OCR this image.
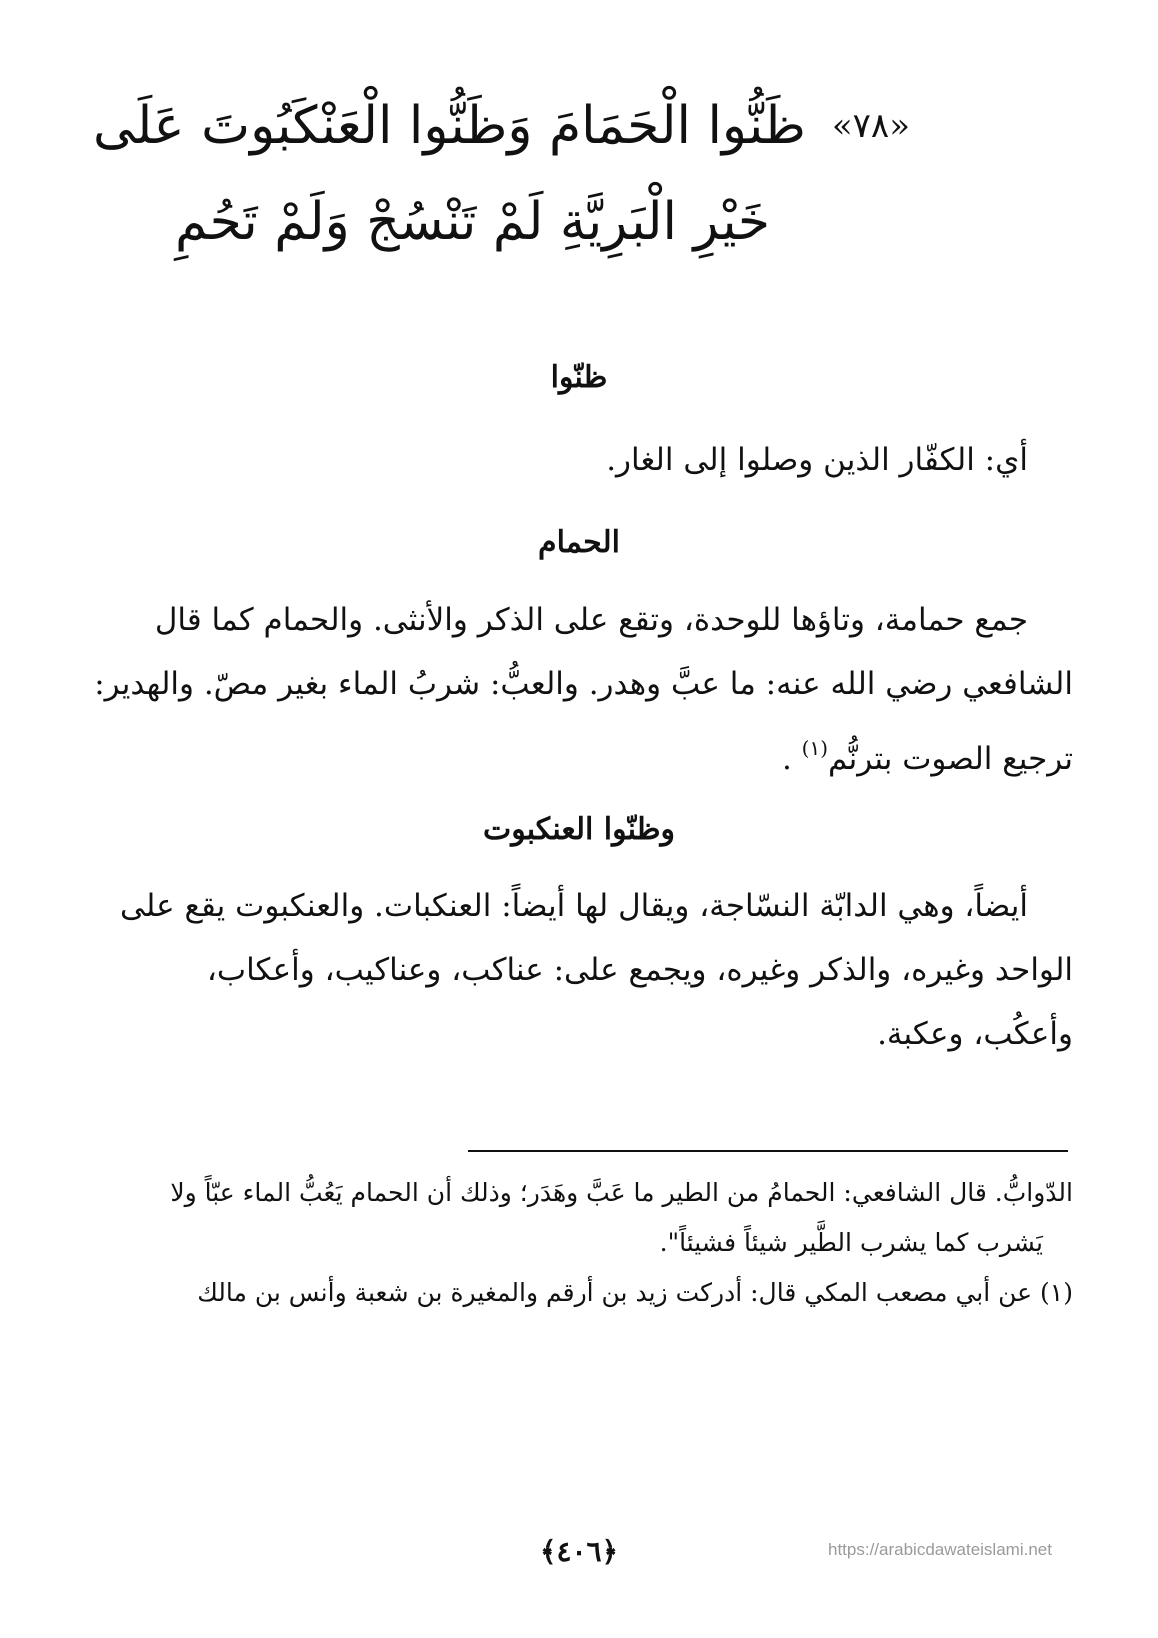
«٧٨»ظَنُّوا الْحَمَامَ وَظَنُّوا الْعَنْكَبُوتَ عَلَى
خَيْرِ الْبَرِيَّةِ لَمْ تَنْسُجْ وَلَمْ تَحُمِ
ظنّوا
أي: الكفّار الذين وصلوا إلى الغار.
الحمام
جمع حمامة، وتاؤها للوحدة، وتقع على الذكر والأنثى. والحمام كما قال
الشافعي رضي الله عنه: ما عبَّ وهدر. والعبُّ: شربُ الماء بغير مصّ. والهدير:
ترجيع الصوت بترنُّم$^{(١)}$ .
وظنّوا العنكبوت
أيضاً، وهي الدابّة النسّاجة، ويقال لها أيضاً: العنكبات. والعنكبوت يقع على
الواحد وغيره، والذكر وغيره، ويجمع على: عناكب، وعناكيب، وأعكاب،
وأعكُب، وعكبة.
الدّوابُّ. قال الشافعي: الحمامُ من الطير ما عَبَّ وهَدَر؛ وذلك أن الحمام يَعُبُّ الماء عبّاً ولا
يَشرب كما يشرب الطَّير شيئاً فشيئاً".
(١) عن أبي مصعب المكي قال: أدركت زيد بن أرقم والمغيرة بن شعبة وأنس بن مالك
﴿٤٠٦﴾	https://arabicdawateislami.net
